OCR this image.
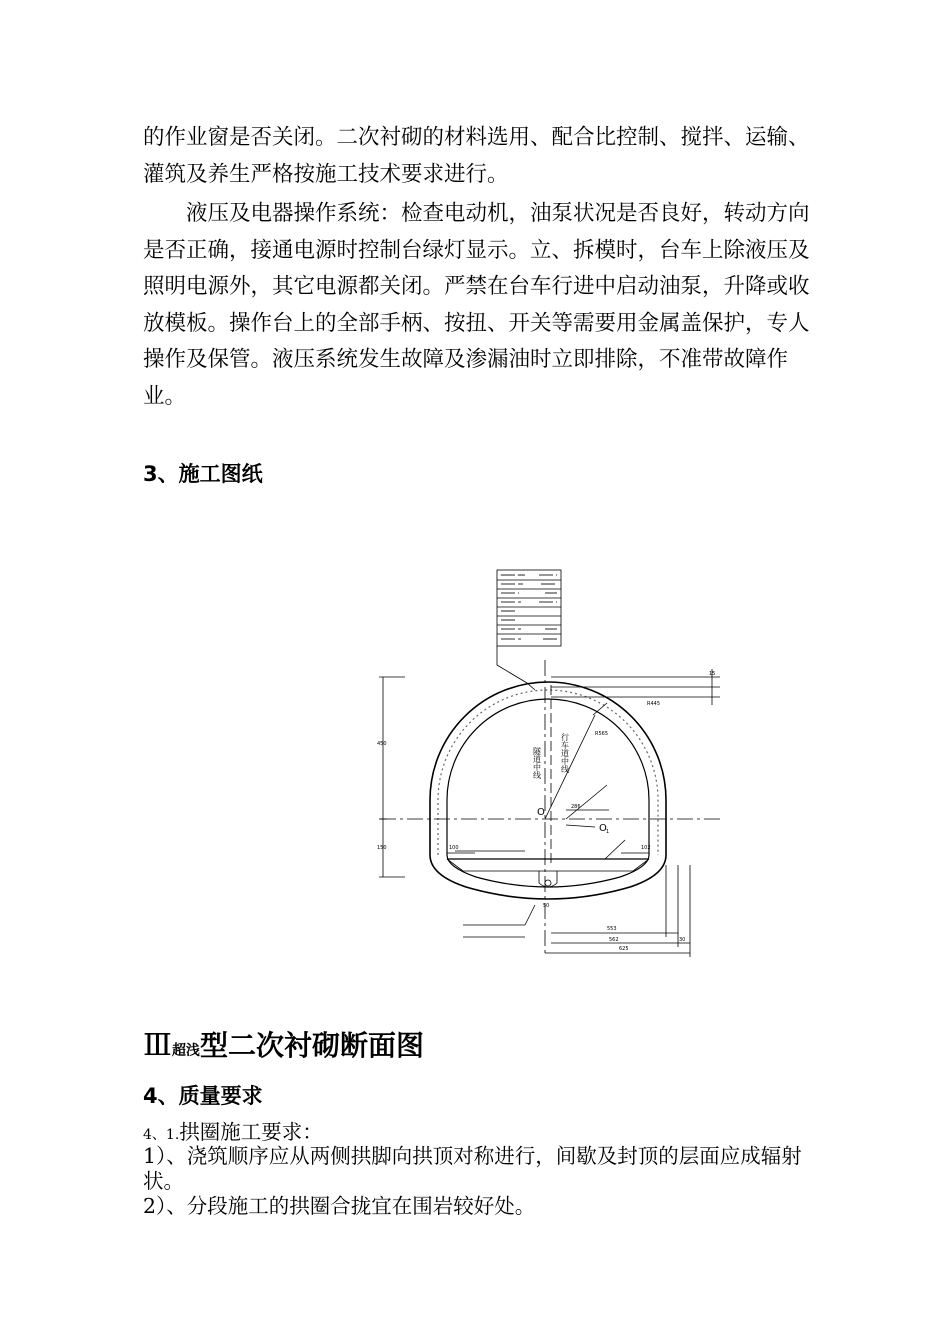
的作业窗是否关闭。二次衬砌的材料选用、配合比控制、搅拌、运输、灌筑及养生严格按施工技术要求进行。

液压及电器操作系统：检查电动机，油泵状况是否良好，转动方向是否正确，接通电源时控制台绿灯显示。立、拆模时，台车上除液压及照明电源外，其它电源都关闭。严禁在台车行进中启动油泵，升降或收放模板。操作台上的全部手柄、按扭、开关等需要用金属盖保护，专人操作及保管。液压系统发生故障及渗漏油时立即排除，不准带故障作业。

3、施工图纸

◦◦◦◦◦◦ ◦◦◦
隧道中线 行车道中线
O
O 1
625
562
553
30
450
150
286
100	102
15
50
R565
R445

Ⅲ超浅型二次衬砌断面图

4、质量要求

4、1.拱圈施工要求：

1）、浇筑顺序应从两侧拱脚向拱顶对称进行，间歇及封顶的层面应成辐射状。

2）、分段施工的拱圈合拢宜在围岩较好处。
